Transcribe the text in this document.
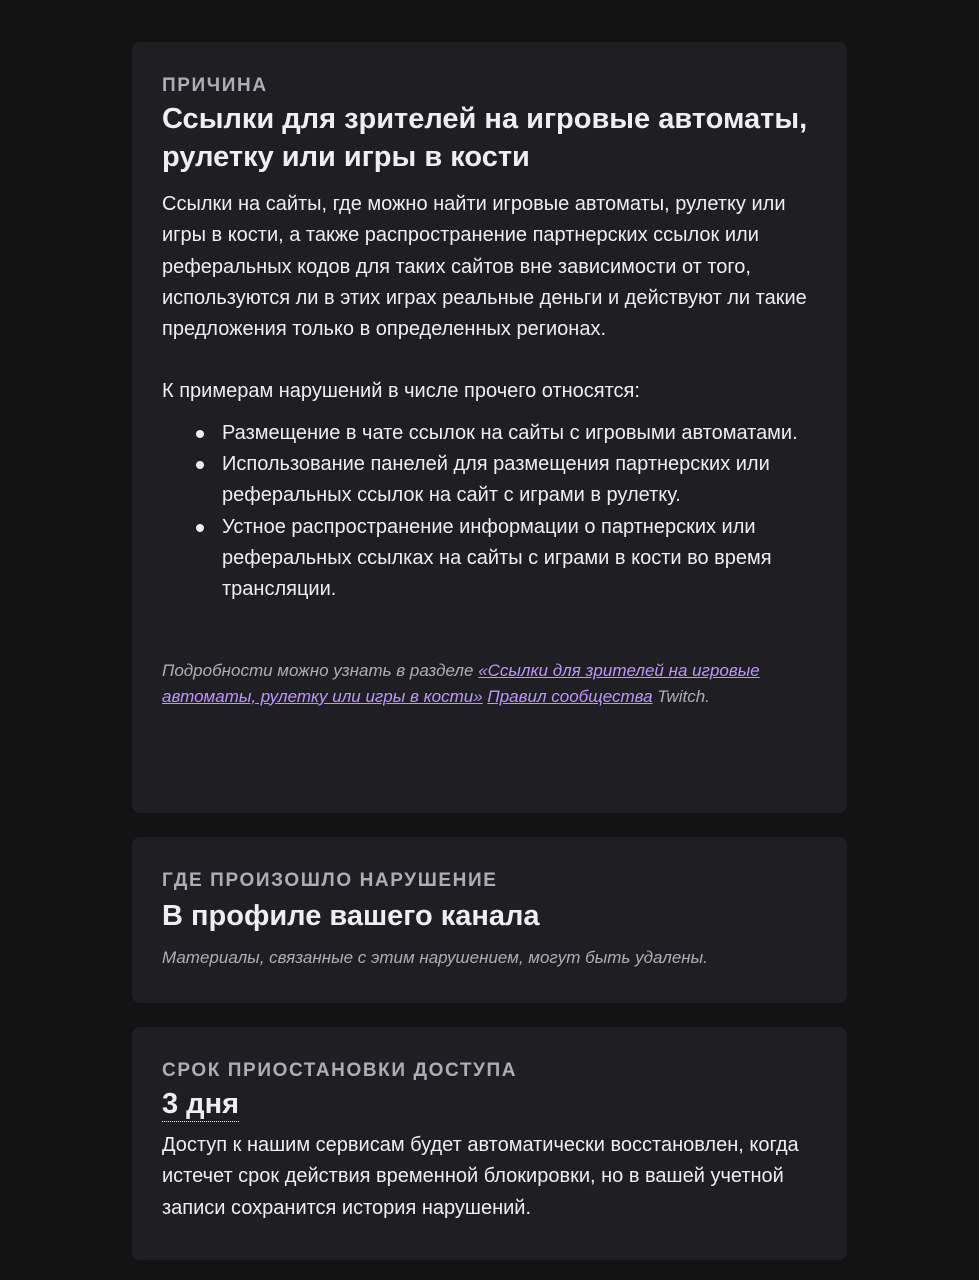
ПРИЧИНА

Ссылки для зрителей на игровые автоматы, рулетку или игры в кости

Ссылки на сайты, где можно найти игровые автоматы, рулетку или игры в кости, а также распространение партнерских ссылок или реферальных кодов для таких сайтов вне зависимости от того, используются ли в этих играх реальные деньги и действуют ли такие предложения только в определенных регионах.

К примерам нарушений в числе прочего относятся:

Размещение в чате ссылок на сайты с игровыми автоматами.
Использование панелей для размещения партнерских или реферальных ссылок на сайт с играми в рулетку.
Устное распространение информации о партнерских или реферальных ссылках на сайты с играми в кости во время трансляции.

Подробности можно узнать в разделе «Ссылки для зрителей на игровые автоматы, рулетку или игры в кости» Правил сообщества Twitch.

ГДЕ ПРОИЗОШЛО НАРУШЕНИЕ

В профиле вашего канала

Материалы, связанные с этим нарушением, могут быть удалены.

СРОК ПРИОСТАНОВКИ ДОСТУПА

3 дня

Доступ к нашим сервисам будет автоматически восстановлен, когда истечет срок действия временной блокировки, но в вашей учетной записи сохранится история нарушений.
